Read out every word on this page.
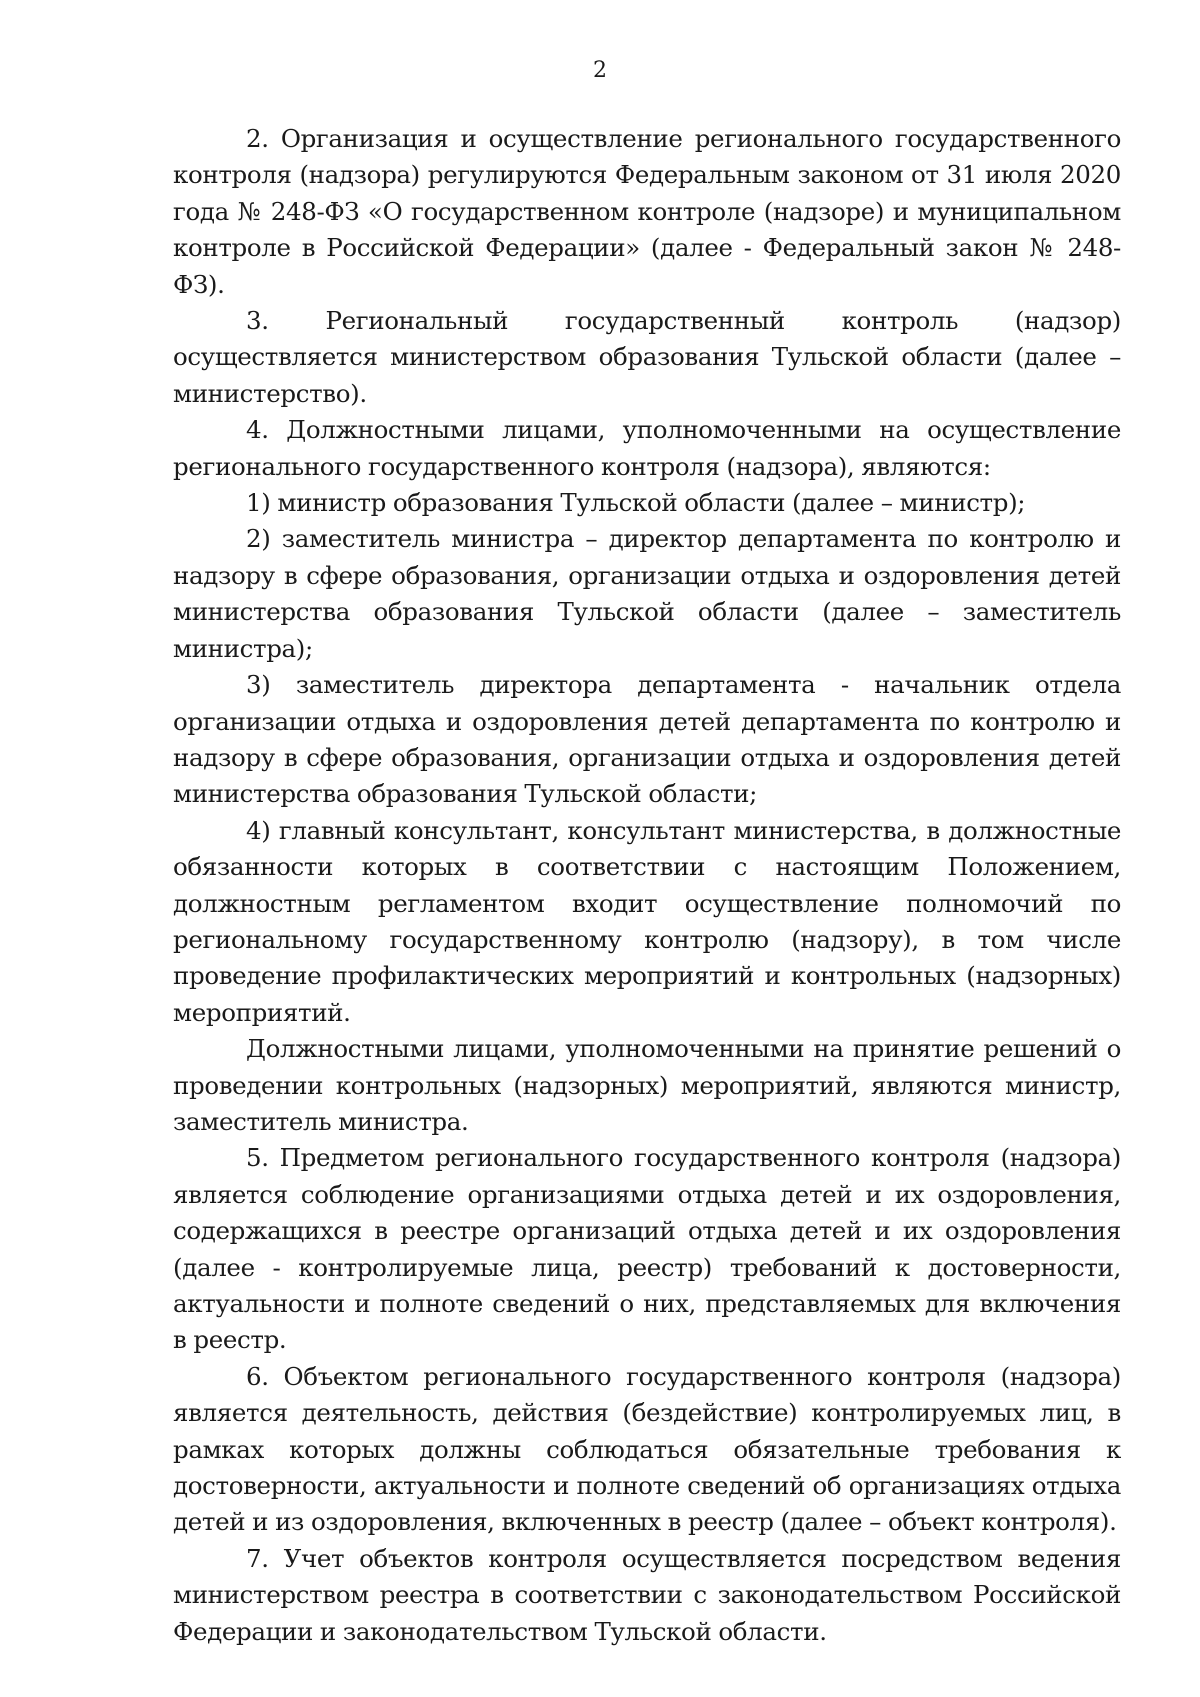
2

2. Организация и осуществление регионального государственного контроля (надзора) регулируются Федеральным законом от 31 июля 2020 года № 248-ФЗ «О государственном контроле (надзоре) и муниципальном контроле в Российской Федерации» (далее - Федеральный закон № 248-ФЗ).

3. Региональный государственный контроль (надзор) осуществляется министерством образования Тульской области (далее – министерство).

4. Должностными лицами, уполномоченными на осуществление регионального государственного контроля (надзора), являются:

1) министр образования Тульской области (далее – министр);

2) заместитель министра – директор департамента по контролю и надзору в сфере образования, организации отдыха и оздоровления детей министерства образования Тульской области (далее – заместитель министра);

3) заместитель директора департамента - начальник отдела организации отдыха и оздоровления детей департамента по контролю и надзору в сфере образования, организации отдыха и оздоровления детей министерства образования Тульской области;

4) главный консультант, консультант министерства, в должностные обязанности которых в соответствии с настоящим Положением, должностным регламентом входит осуществление полномочий по региональному государственному контролю (надзору), в том числе проведение профилактических мероприятий и контрольных (надзорных) мероприятий.

Должностными лицами, уполномоченными на принятие решений о проведении контрольных (надзорных) мероприятий, являются министр, заместитель министра.

5. Предметом регионального государственного контроля (надзора) является соблюдение организациями отдыха детей и их оздоровления, содержащихся в реестре организаций отдыха детей и их оздоровления (далее - контролируемые лица, реестр) требований к достоверности, актуальности и полноте сведений о них, представляемых для включения в реестр.

6. Объектом регионального государственного контроля (надзора) является деятельность, действия (бездействие) контролируемых лиц, в рамках которых должны соблюдаться обязательные требования к достоверности, актуальности и полноте сведений об организациях отдыха детей и из оздоровления, включенных в реестр (далее – объект контроля).

7. Учет объектов контроля осуществляется посредством ведения министерством реестра в соответствии с законодательством Российской Федерации и законодательством Тульской области.
